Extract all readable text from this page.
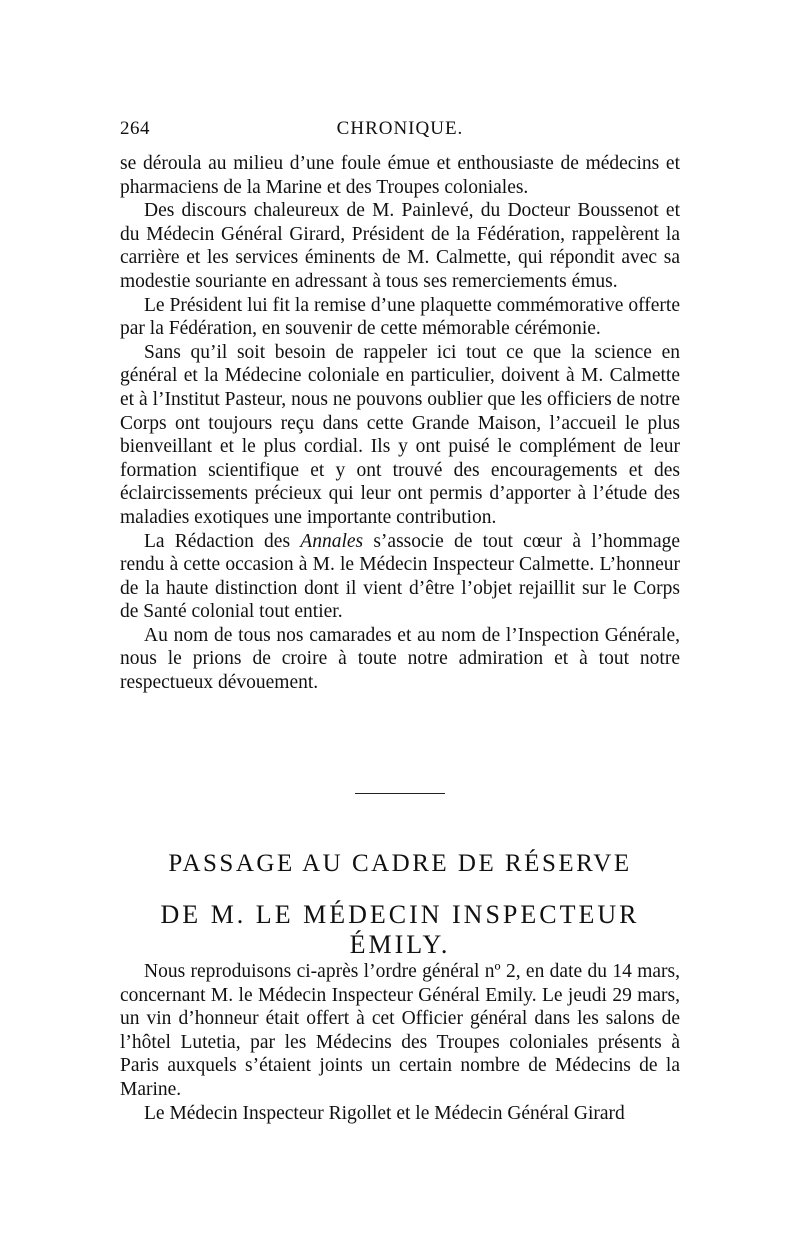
264	CHRONIQUE.

se déroula au milieu d’une foule émue et enthousiaste de médecins et pharmaciens de la Marine et des Troupes coloniales.

Des discours chaleureux de M. Painlevé, du Docteur Boussenot et du Médecin Général Girard, Président de la Fédération, rappelèrent la carrière et les services éminents de M. Calmette, qui répondit avec sa modestie souriante en adressant à tous ses remerciements émus.

Le Président lui fit la remise d’une plaquette commémorative offerte par la Fédération, en souvenir de cette mémorable cérémonie.

Sans qu’il soit besoin de rappeler ici tout ce que la science en général et la Médecine coloniale en particulier, doivent à M. Calmette et à l’Institut Pasteur, nous ne pouvons oublier que les officiers de notre Corps ont toujours reçu dans cette Grande Maison, l’accueil le plus bienveillant et le plus cordial. Ils y ont puisé le complément de leur formation scientifique et y ont trouvé des encouragements et des éclaircissements précieux qui leur ont permis d’apporter à l’étude des maladies exotiques une importante contribution.

La Rédaction des Annales s’associe de tout cœur à l’hommage rendu à cette occasion à M. le Médecin Inspecteur Calmette. L’honneur de la haute distinction dont il vient d’être l’objet rejaillit sur le Corps de Santé colonial tout entier.

Au nom de tous nos camarades et au nom de l’Inspection Générale, nous le prions de croire à toute notre admiration et à tout notre respectueux dévouement.

PASSAGE AU CADRE DE RÉSERVE
DE M. LE MÉDECIN INSPECTEUR ÉMILY.

Nous reproduisons ci-après l’ordre général nº 2, en date du 14 mars, concernant M. le Médecin Inspecteur Général Emily. Le jeudi 29 mars, un vin d’honneur était offert à cet Officier général dans les salons de l’hôtel Lutetia, par les Médecins des Troupes coloniales présents à Paris auxquels s’étaient joints un certain nombre de Médecins de la Marine.

Le Médecin Inspecteur Rigollet et le Médecin Général Girard
